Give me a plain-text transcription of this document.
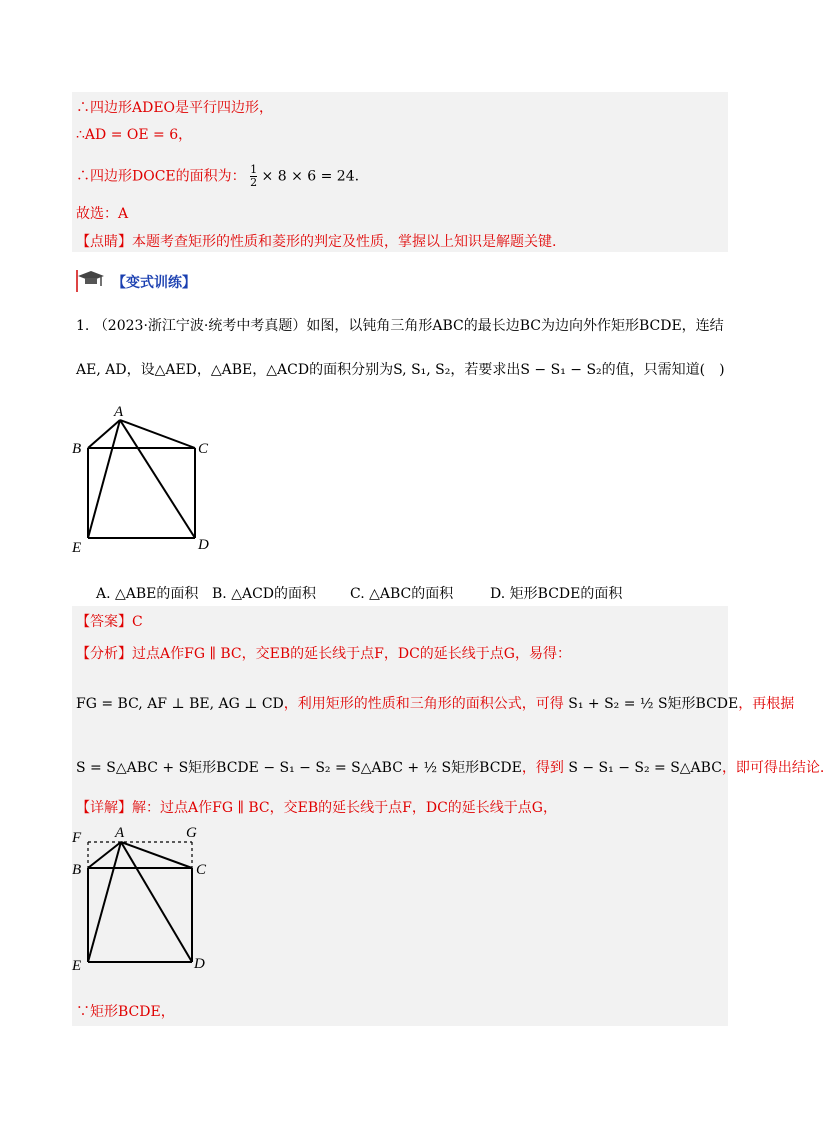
∴四边形ADEO是平行四边形，
∴AD = OE = 6，
∴四边形DOCE的面积为： $\frac{1}{2} \times 8 \times 6 = 24$.
故选：A
【点睛】本题考查矩形的性质和菱形的判定及性质，掌握以上知识是解题关键.
【变式训练】
1. （2023·浙江宁波·统考中考真题）如图，以钝角三角形ABC的最长边BC为边向外作矩形BCDE，连结
AE, AD，设△AED，△ABE，△ACD的面积分别为S, S₁, S₂，若要求出S − S₁ − S₂的值，只需知道(　)
A
B	C
D
E
A. △ABE的面积 B. △ACD的面积 C. △ABC的面积	D. 矩形BCDE的面积
【答案】C
【分析】过点A作FG ∥ BC，交EB的延长线于点F，DC的延长线于点G，易得：
FG = BC, AF ⊥ BE, AG ⊥ CD，利用矩形的性质和三角形的面积公式，可得 S₁ + S₂ = ½ S矩形BCDE，再根据
S = S△ABC + S矩形BCDE − S₁ − S₂ = S△ABC + ½ S矩形BCDE，得到 S − S₁ − S₂ = S△ABC，即可得出结论.
【详解】解：过点A作FG ∥ BC，交EB的延长线于点F，DC的延长线于点G，
F A	G
B	C
D
E
∵矩形BCDE，
